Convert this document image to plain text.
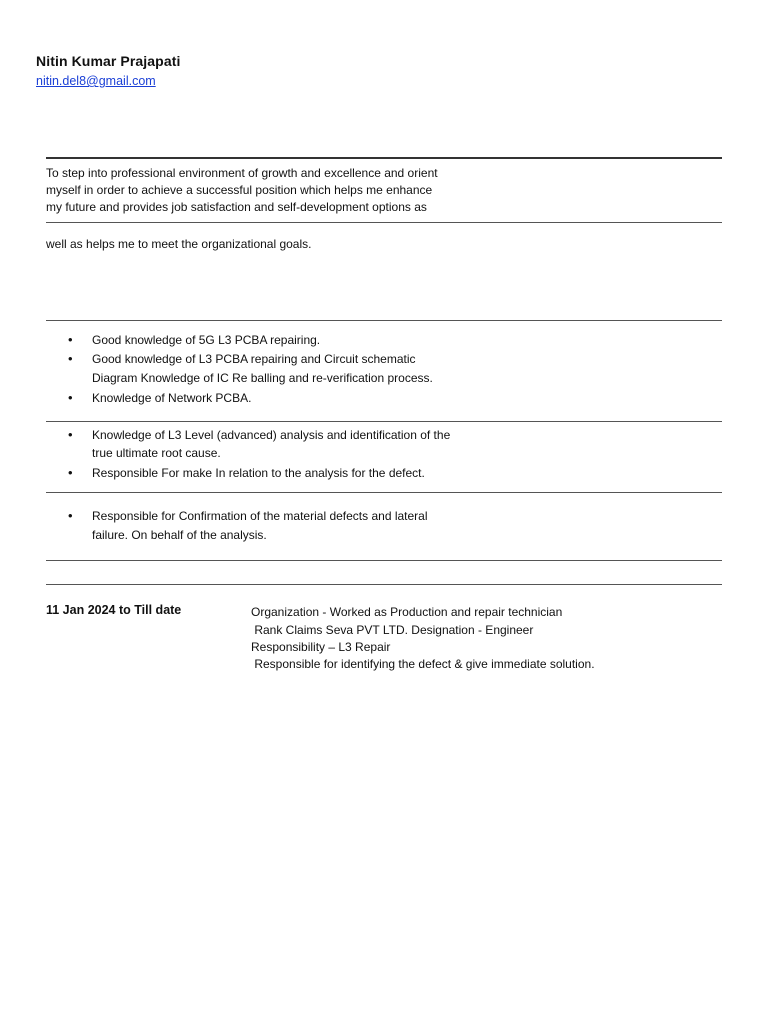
Nitin Kumar Prajapati
nitin.del8@gmail.com
To step into professional environment of growth and excellence and orient
myself in order to achieve a successful position which helps me enhance
my future and provides job satisfaction and self-development options as
well as helps me to meet the organizational goals.
•
Good knowledge of 5G L3 PCBA repairing.
•
Good knowledge of L3 PCBA repairing and Circuit schematic
Diagram Knowledge of IC Re balling and re-verification process.
•
Knowledge of Network PCBA.
•
Knowledge of L3 Level (advanced) analysis and identification of the
true ultimate root cause.
•
Responsible For make In relation to the analysis for the defect.
•
Responsible for Confirmation of the material defects and lateral
failure. On behalf of the analysis.
11 Jan 2024 to Till date	Organization - Worked as Production and repair technician
Rank Claims Seva PVT LTD. Designation - Engineer
Responsibility – L3 Repair
Responsible for identifying the defect & give immediate solution.
